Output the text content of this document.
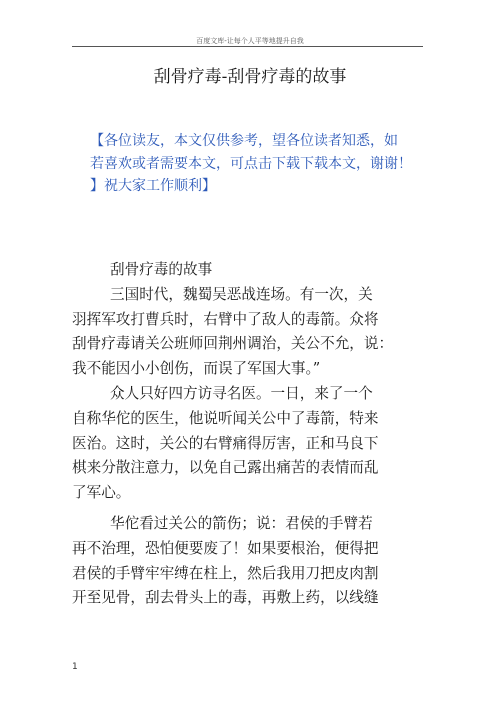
百度文库-让每个人平等地提升自我
刮骨疗毒-刮骨疗毒的故事
【各位读友，本文仅供参考，望各位读者知悉，如
若喜欢或者需要本文，可点击下载下载本文，谢谢！
】祝大家工作顺利】
刮骨疗毒的故事
三国时代，魏蜀吴恶战连场。有一次，关
羽挥军攻打曹兵时，右臂中了敌人的毒箭。众将
刮骨疗毒请关公班师回荆州调治，关公不允，说：
我不能因小小创伤，而误了军国大事。”
众人只好四方访寻名医。一日，来了一个
自称华佗的医生，他说听闻关公中了毒箭，特来
医治。这时，关公的右臂痛得厉害，正和马良下
棋来分散注意力，以免自己露出痛苦的表情而乱
了军心。
华佗看过关公的箭伤；说：君侯的手臂若
再不治理，恐怕便要废了！如果要根治，便得把
君侯的手臂牢牢缚在柱上，然后我用刀把皮肉割
开至见骨，刮去骨头上的毒，再敷上药，以线缝
1
